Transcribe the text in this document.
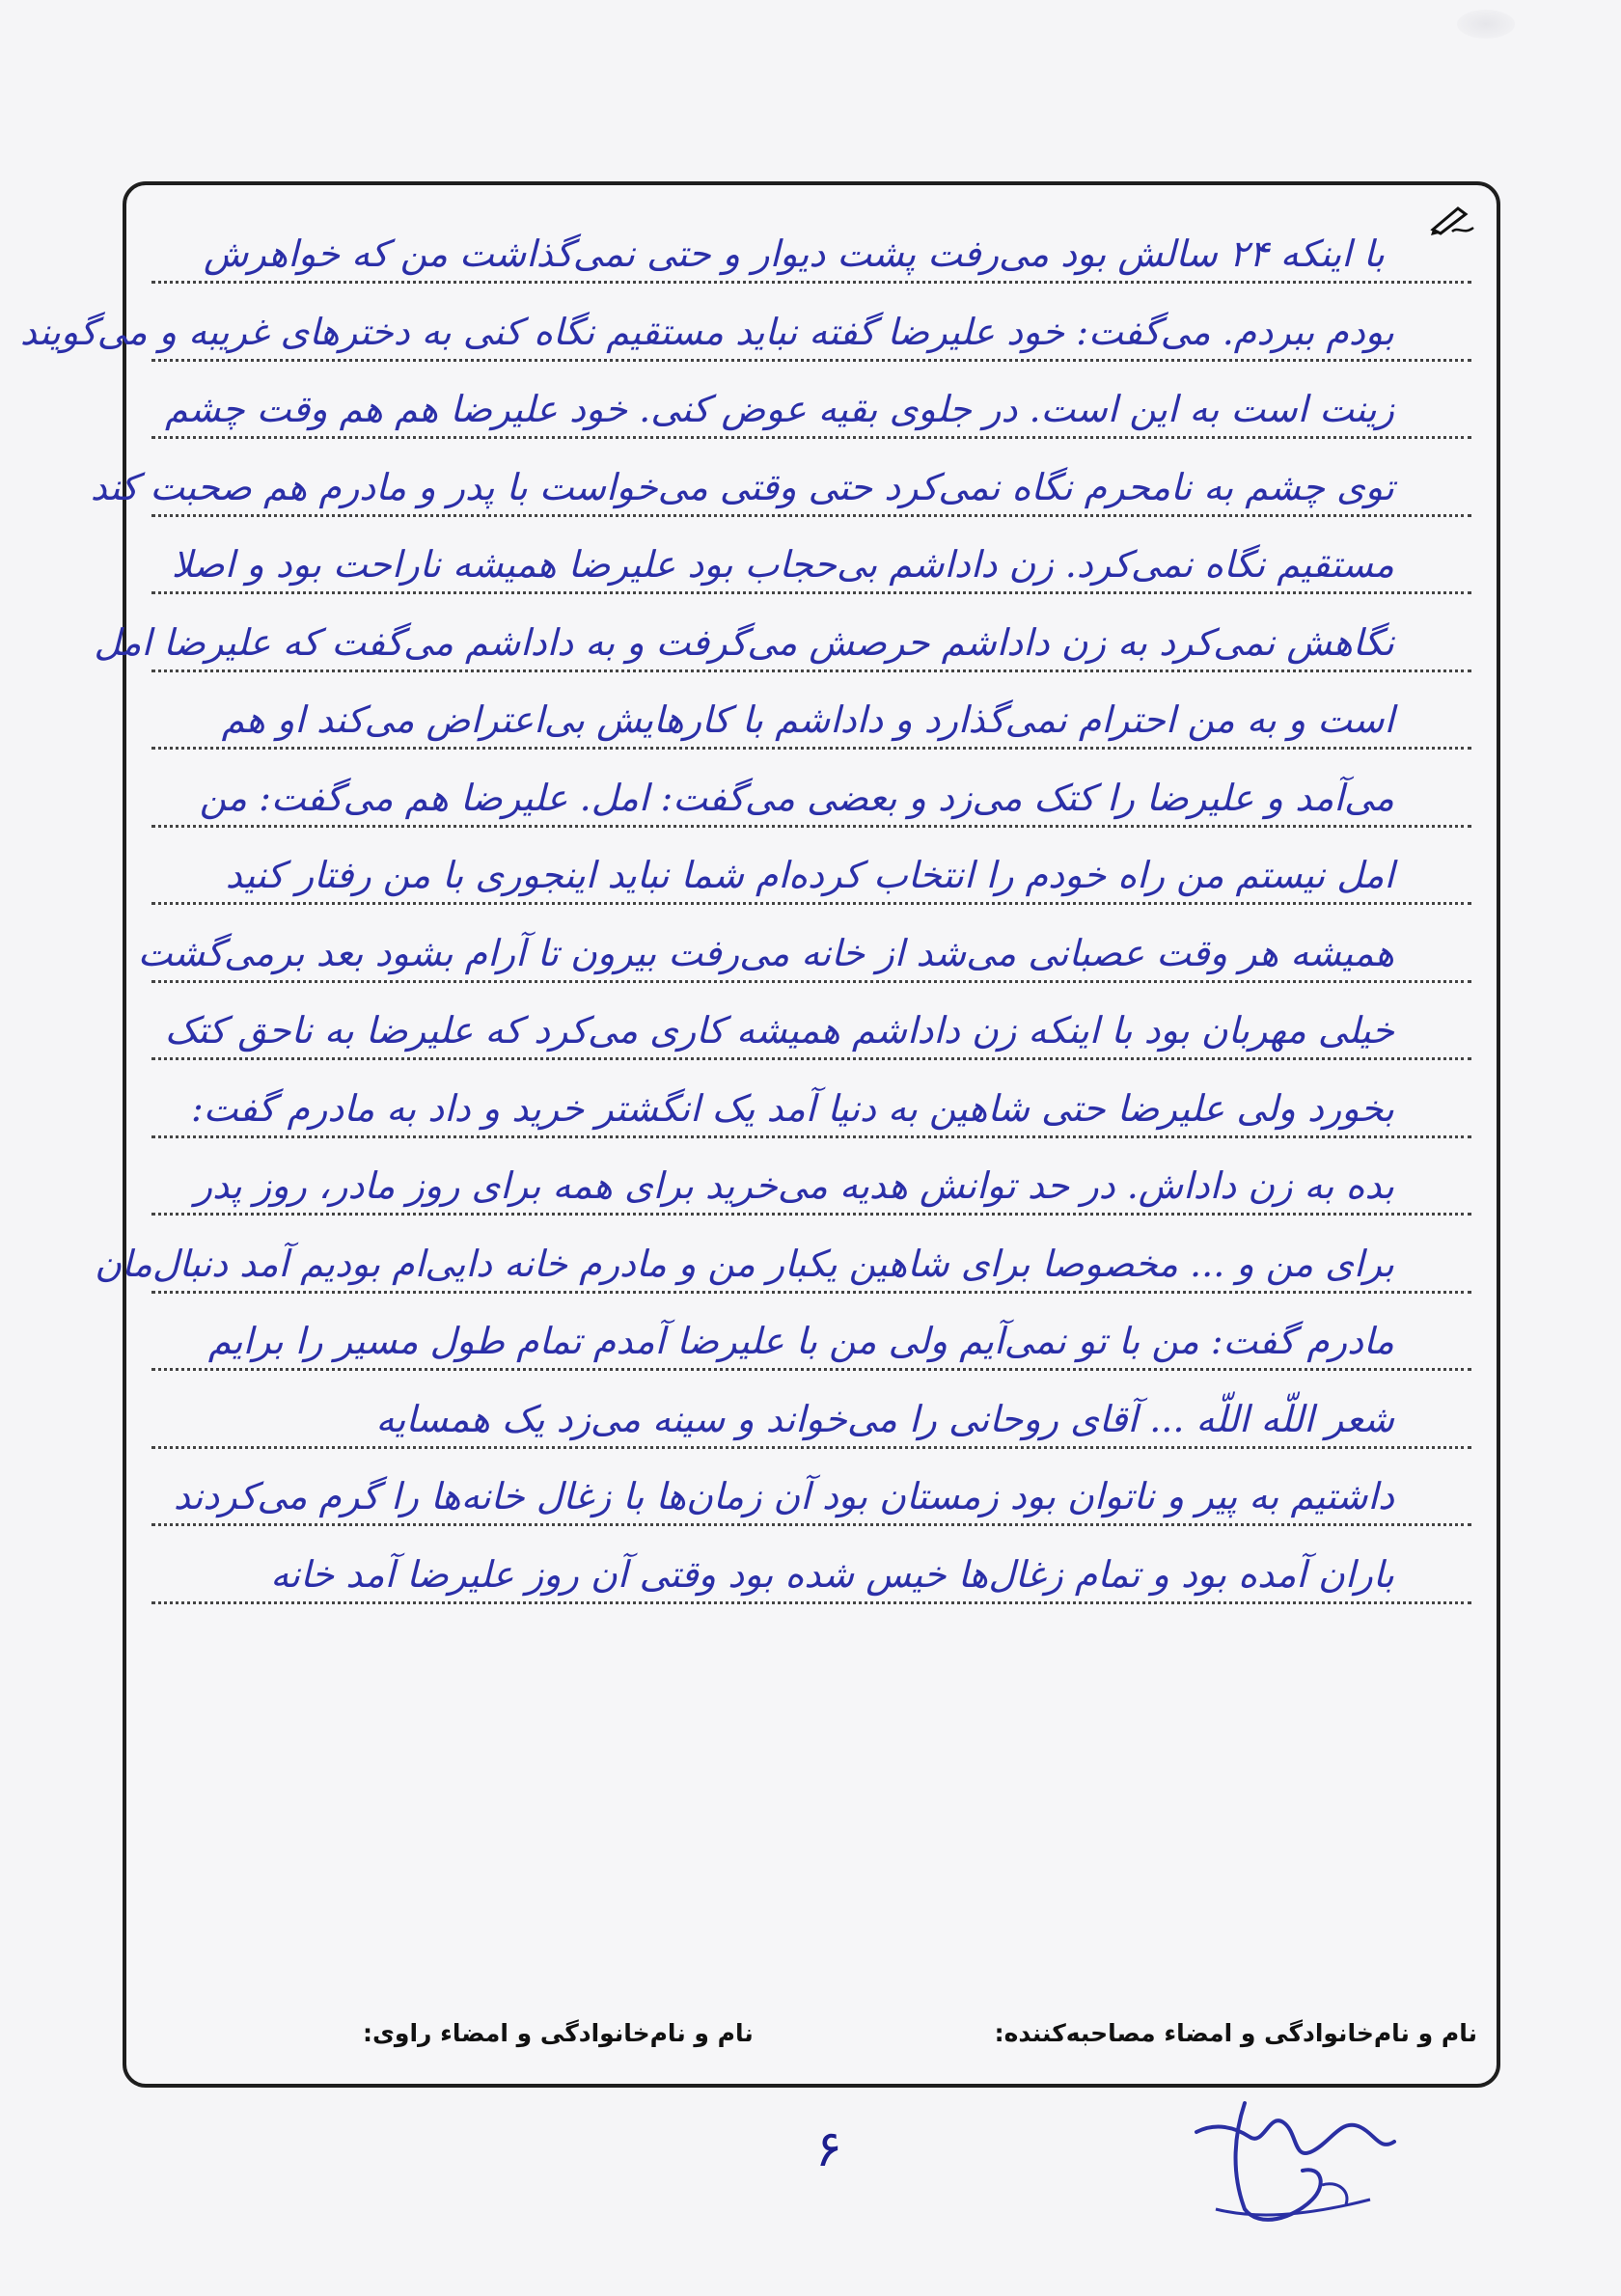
با اینکه ۲۴ سالش بود می‌رفت پشت دیوار و حتی نمی‌گذاشت من که خواهرش
بودم ببردم. می‌گفت: خود علیرضا گفته نباید مستقیم نگاه کنی به دخترهای غریبه و می‌گویند
زینت است به این است. در جلوی بقیه عوض کنی. خود علیرضا هم هم وقت چشم
توی چشم به نامحرم نگاه نمی‌کرد حتی وقتی می‌خواست با پدر و مادرم هم صحبت کند
مستقیم نگاه نمی‌کرد. زن داداشم بی‌حجاب بود علیرضا همیشه ناراحت بود و اصلا
نگاهش نمی‌کرد به زن داداشم حرصش می‌گرفت و به داداشم می‌گفت که علیرضا امل
است و به من احترام نمی‌گذارد و داداشم با کارهایش بی‌اعتراض می‌کند او هم
می‌آمد و علیرضا را کتک می‌زد و بعضی می‌گفت: امل. علیرضا هم می‌گفت: من
امل نیستم من راه خودم را انتخاب کرده‌ام شما نباید اینجوری با من رفتار کنید
همیشه هر وقت عصبانی می‌شد از خانه می‌رفت بیرون تا آرام بشود بعد برمی‌گشت
خیلی مهربان بود با اینکه زن داداشم همیشه کاری می‌کرد که علیرضا به ناحق کتک
بخورد ولی علیرضا حتی شاهین به دنیا آمد یک انگشتر خرید و داد به مادرم گفت:
بده به زن داداش. در حد توانش هدیه می‌خرید برای همه برای روز مادر، روز پدر
برای من و ... مخصوصا برای شاهین یکبار من و مادرم خانه دایی‌ام بودیم آمد دنبال‌مان
مادرم گفت: من با تو نمی‌آیم ولی من با علیرضا آمدم تمام طول مسیر را برایم
شعر اللّه اللّه ... آقای روحانی را می‌خواند و سینه می‌زد یک همسایه
داشتیم به پیر و ناتوان بود زمستان بود آن زمان‌ها با زغال خانه‌ها را گرم می‌کردند
باران آمده بود و تمام زغال‌ها خیس شده بود وقتی آن روز علیرضا آمد خانه
نام و نام‌خانوادگی و امضاء مصاحبه‌کننده:
نام و نام‌خانوادگی و امضاء راوی:
۶
